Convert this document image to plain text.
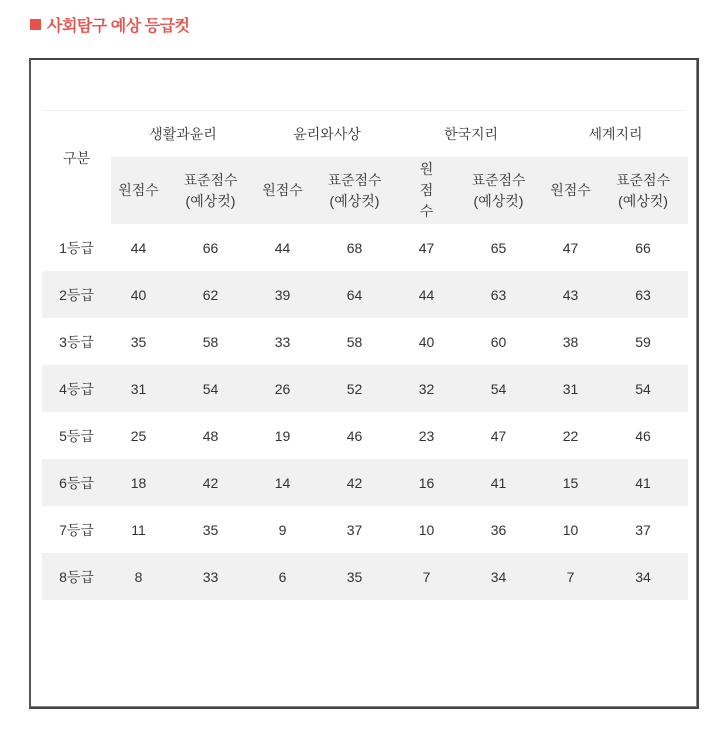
사회탐구 예상 등급컷
구분	생활과윤리		윤리와사상		한국지리		세계지리	
	원점수	표준점수(예상컷)	원점수	표준점수(예상컷)	원점수	표준점수(예상컷)	원점수	표준점수(예상컷)
1등급	44	66	44	68	47	65	47	66
2등급	40	62	39	64	44	63	43	63
3등급	35	58	33	58	40	60	38	59
4등급	31	54	26	52	32	54	31	54
5등급	25	48	19	46	23	47	22	46
6등급	18	42	14	42	16	41	15	41
7등급	11	35	9	37	10	36	10	37
8등급	8	33	6	35	7	34	7	34
